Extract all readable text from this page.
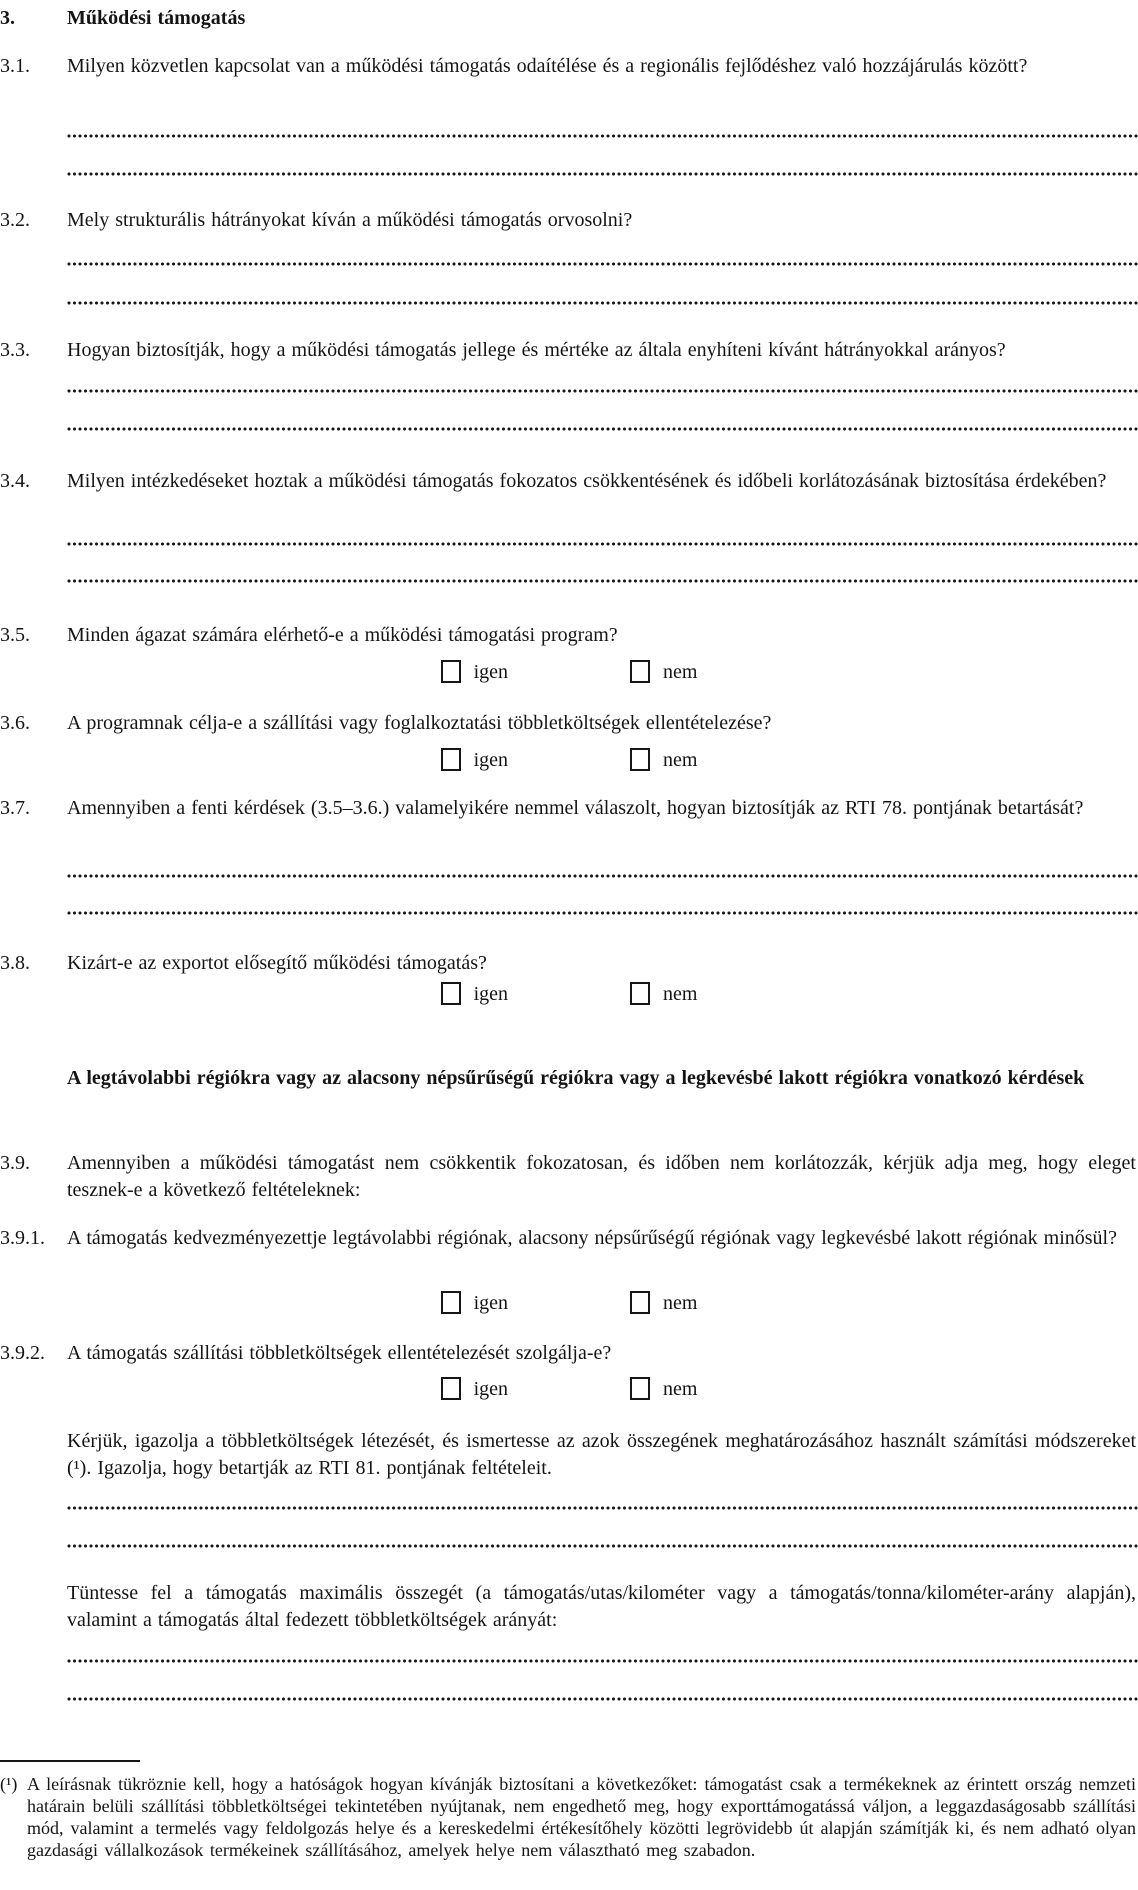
3.	Működési támogatás
3.1.	Milyen közvetlen kapcsolat van a működési támogatás odaítélése és a regionális fejlődéshez való hozzájárulás között?
3.2.	Mely strukturális hátrányokat kíván a működési támogatás orvosolni?
3.3.	Hogyan biztosítják, hogy a működési támogatás jellege és mértéke az általa enyhíteni kívánt hátrányokkal arányos?
3.4.	Milyen intézkedéseket hoztak a működési támogatás fokozatos csökkentésének és időbeli korlátozásának biztosítása érdekében?
3.5.	Minden ágazat számára elérhető-e a működési támogatási program?
igen	nem
3.6.	A programnak célja-e a szállítási vagy foglalkoztatási többletköltségek ellentételezése?
igen	nem
3.7.	Amennyiben a fenti kérdések (3.5–3.6.) valamelyikére nemmel válaszolt, hogyan biztosítják az RTI 78. pontjának betartását?
3.8.	Kizárt-e az exportot elősegítő működési támogatás?
igen	nem
A legtávolabbi régiókra vagy az alacsony népsűrűségű régiókra vagy a legkevésbé lakott régiókra vonatkozó kérdések
3.9.	Amennyiben a működési támogatást nem csökkentik fokozatosan, és időben nem korlátozzák, kérjük adja meg, hogy eleget tesznek-e a következő feltételeknek:
3.9.1.	A támogatás kedvezményezettje legtávolabbi régiónak, alacsony népsűrűségű régiónak vagy legkevésbé lakott régiónak minősül?
igen	nem
3.9.2.	A támogatás szállítási többletköltségek ellentételezését szolgálja-e?
igen	nem
Kérjük, igazolja a többletköltségek létezését, és ismertesse az azok összegének meghatározásához használt számítási módszereket (¹). Igazolja, hogy betartják az RTI 81. pontjának feltételeit.
Tüntesse fel a támogatás maximális összegét (a támogatás/utas/kilométer vagy a támogatás/tonna/kilométer-arány alapján), valamint a támogatás által fedezett többletköltségek arányát:
(¹) A leírásnak tükröznie kell, hogy a hatóságok hogyan kívánják biztosítani a következőket: támogatást csak a termékeknek az érintett ország nemzeti határain belüli szállítási többletköltségei tekintetében nyújtanak, nem engedhető meg, hogy exporttámogatássá váljon, a leggazdaságosabb szállítási mód, valamint a termelés vagy feldolgozás helye és a kereskedelmi értékesítőhely közötti legrövidebb út alapján számítják ki, és nem adható olyan gazdasági vállalkozások termékeinek szállításához, amelyek helye nem választható meg szabadon.
